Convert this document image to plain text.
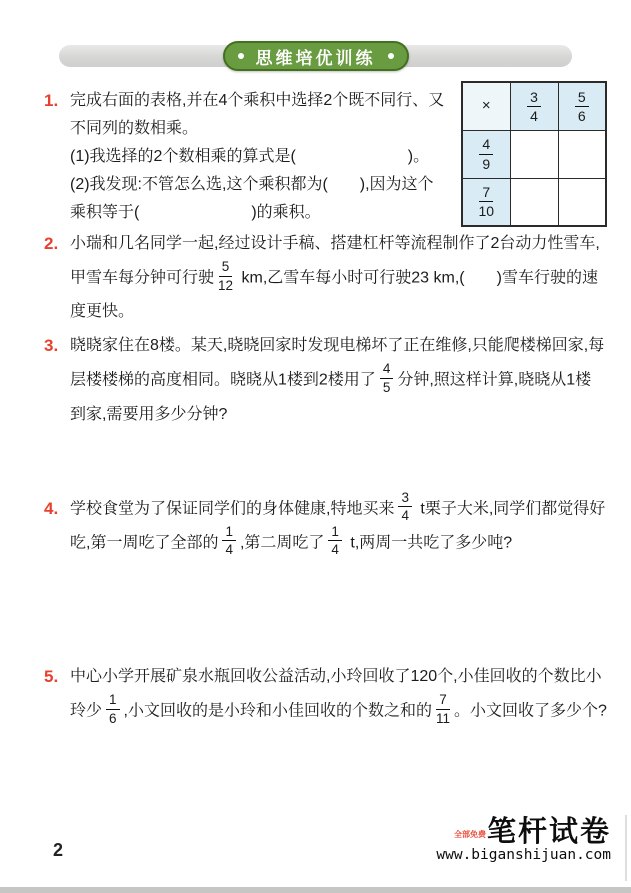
思维培优训练
1. 完成右面的表格,并在4个乘积中选择2个既不同行、又不同列的数相乘。
(1)我选择的2个数相乘的算式是(　　　　　　　)。
(2)我发现:不管怎么选,这个乘积都为(　　),因为这个乘积等于(　　　　　　　)的乘积。
×	$\frac{3}{4}$	$\frac{5}{6}$

$\frac{4}{9}$

$\frac{7}{10}$

2. 小瑞和几名同学一起,经过设计手稿、搭建杠杆等流程制作了2台动力性雪车,甲雪车每分钟可行驶 $\frac{5}{12}$ km,乙雪车每小时可行驶23 km,(　　)雪车行驶的速度更快。
3. 晓晓家住在8楼。某天,晓晓回家时发现电梯坏了正在维修,只能爬楼梯回家,每层楼楼梯的高度相同。晓晓从1楼到2楼用了 $\frac{4}{5}$ 分钟,照这样计算,晓晓从1楼到家,需要用多少分钟?
4. 学校食堂为了保证同学们的身体健康,特地买来 $\frac{3}{4}$ t栗子大米,同学们都觉得好吃,第一周吃了全部的 $\frac{1}{4}$ ,第二周吃了 $\frac{1}{4} t$,两周一共吃了多少吨?
5. 中心小学开展矿泉水瓶回收公益活动,小玲回收了120个,小佳回收的个数比小玲少 $\frac{1}{6}$ ,小文回收的是小玲和小佳回收的个数之和的 $\frac{7}{11}$ 。小文回收了多少个?
2
全部免费 笔杆试卷
www.biganshijuan.com
